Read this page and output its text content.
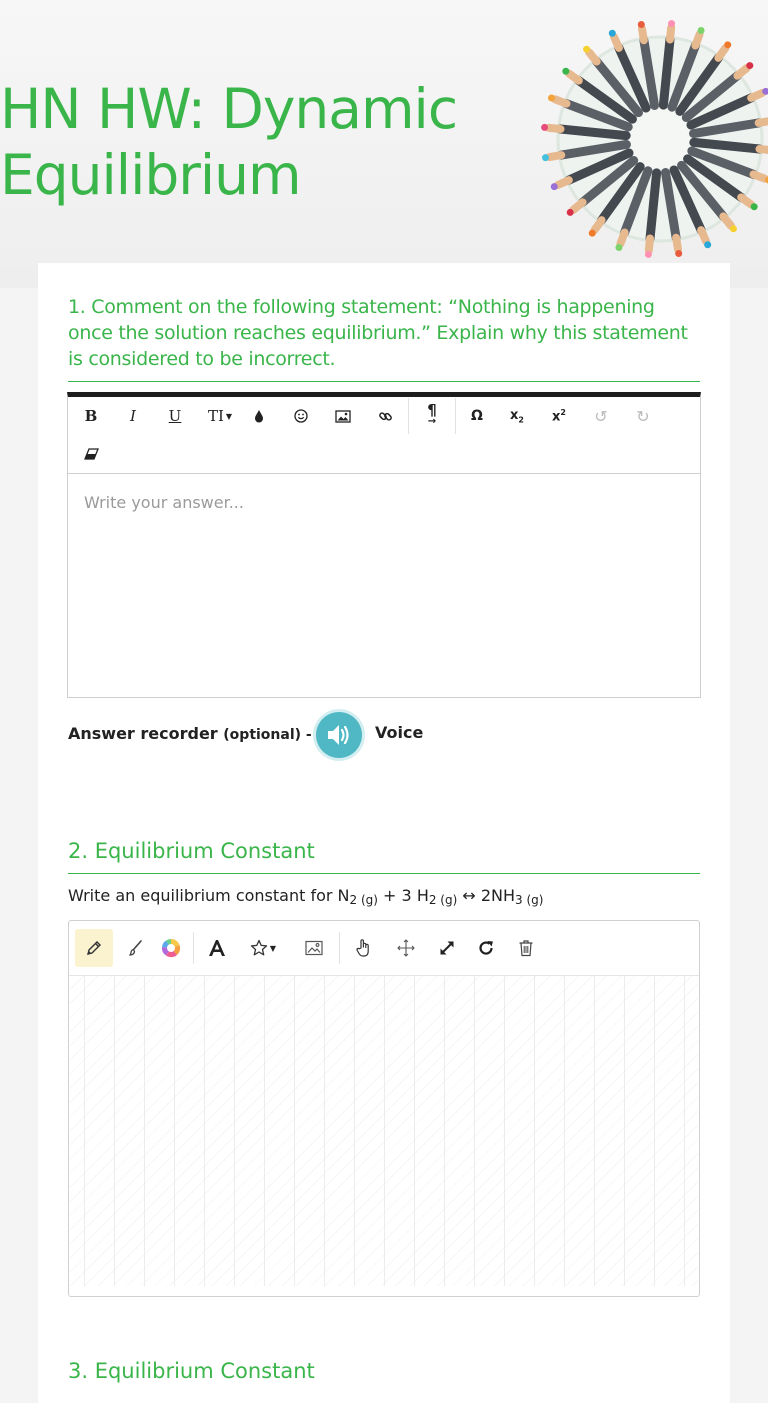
HN HW: Dynamic Equilibrium
1. Comment on the following statement: “Nothing is happening once the solution reaches equilibrium.” Explain why this statement is considered to be incorrect.
B	I	U	TI ▼	¶
→	Ω	$x_2$ $x^2$ ↺ ↻
Write your answer...
Answer recorder (optional) -	Voice
2. Equilibrium Constant
Write an equilibrium constant for $N_{2 (g)} + 3$ $H_{2 (g)}$ ↔ $2NH_{3 (g)}$
▼
3. Equilibrium Constant
